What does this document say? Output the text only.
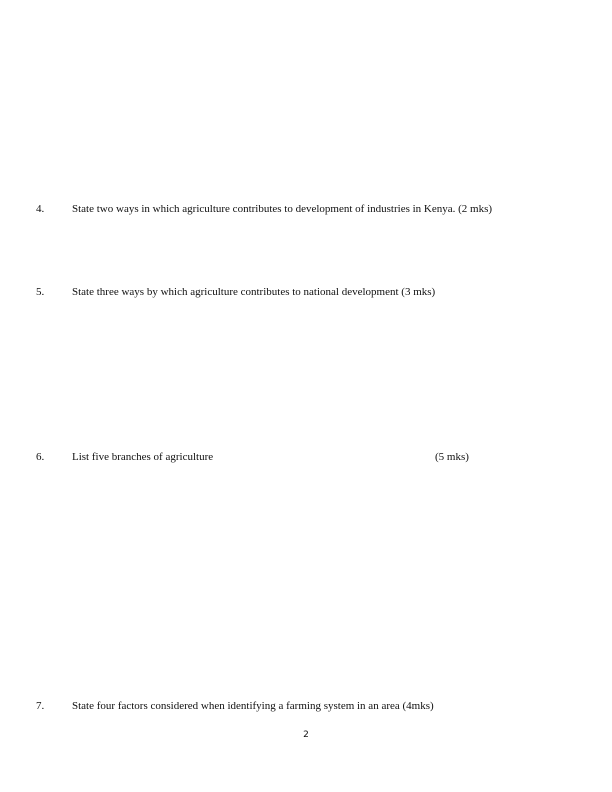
4.	State two ways in which agriculture contributes to development of industries in Kenya. (2 mks)
5.	State three ways by which agriculture contributes to national development (3 mks)
6.	List five branches of agriculture	(5 mks)
7.	State four factors considered when identifying a farming system in an area (4mks)
2
